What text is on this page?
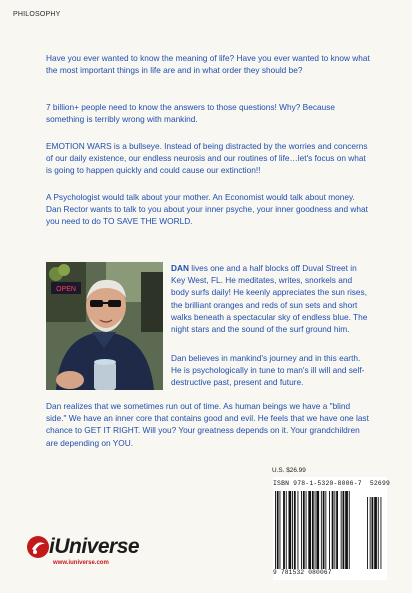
PHILOSOPHY

Have you ever wanted to know the meaning of life? Have you ever wanted to know what the most important things in life are and in what order they should be?

7 billion+ people need to know the answers to those questions! Why? Because something is terribly wrong with mankind.

EMOTION WARS is a bullseye. Instead of being distracted by the worries and concerns of our daily existence, our endless neurosis and our routines of life…let's focus on what is going to happen quickly and could cause our extinction!!

A Psychologist would talk about your mother. An Economist would talk about money. Dan Rector wants to talk to you about your inner psyche, your inner goodness and what you need to do TO SAVE THE WORLD.

OPEN

DAN lives one and a half blocks off Duval Street in Key West, FL. He meditates, writes, snorkels and body surfs daily! He keenly appreciates the sun rises, the brilliant oranges and reds of sun sets and short walks beneath a spectacular sky of endless blue. The night stars and the sound of the surf ground him.

Dan believes in mankind's journey and in this earth. He is psychologically in tune to man's ill will and self-destructive past, present and future.

Dan realizes that we sometimes run out of time. As human beings we have a "blind side." We have an inner core that contains good and evil. He feels that we have one last chance to GET IT RIGHT. Will you? Your greatness depends on it. Your grandchildren are depending on YOU.

iUniverse
www.iuniverse.com
U.S. $26.99
ISBN 978-1-5320-8006-7 52699
9 781532 080067
